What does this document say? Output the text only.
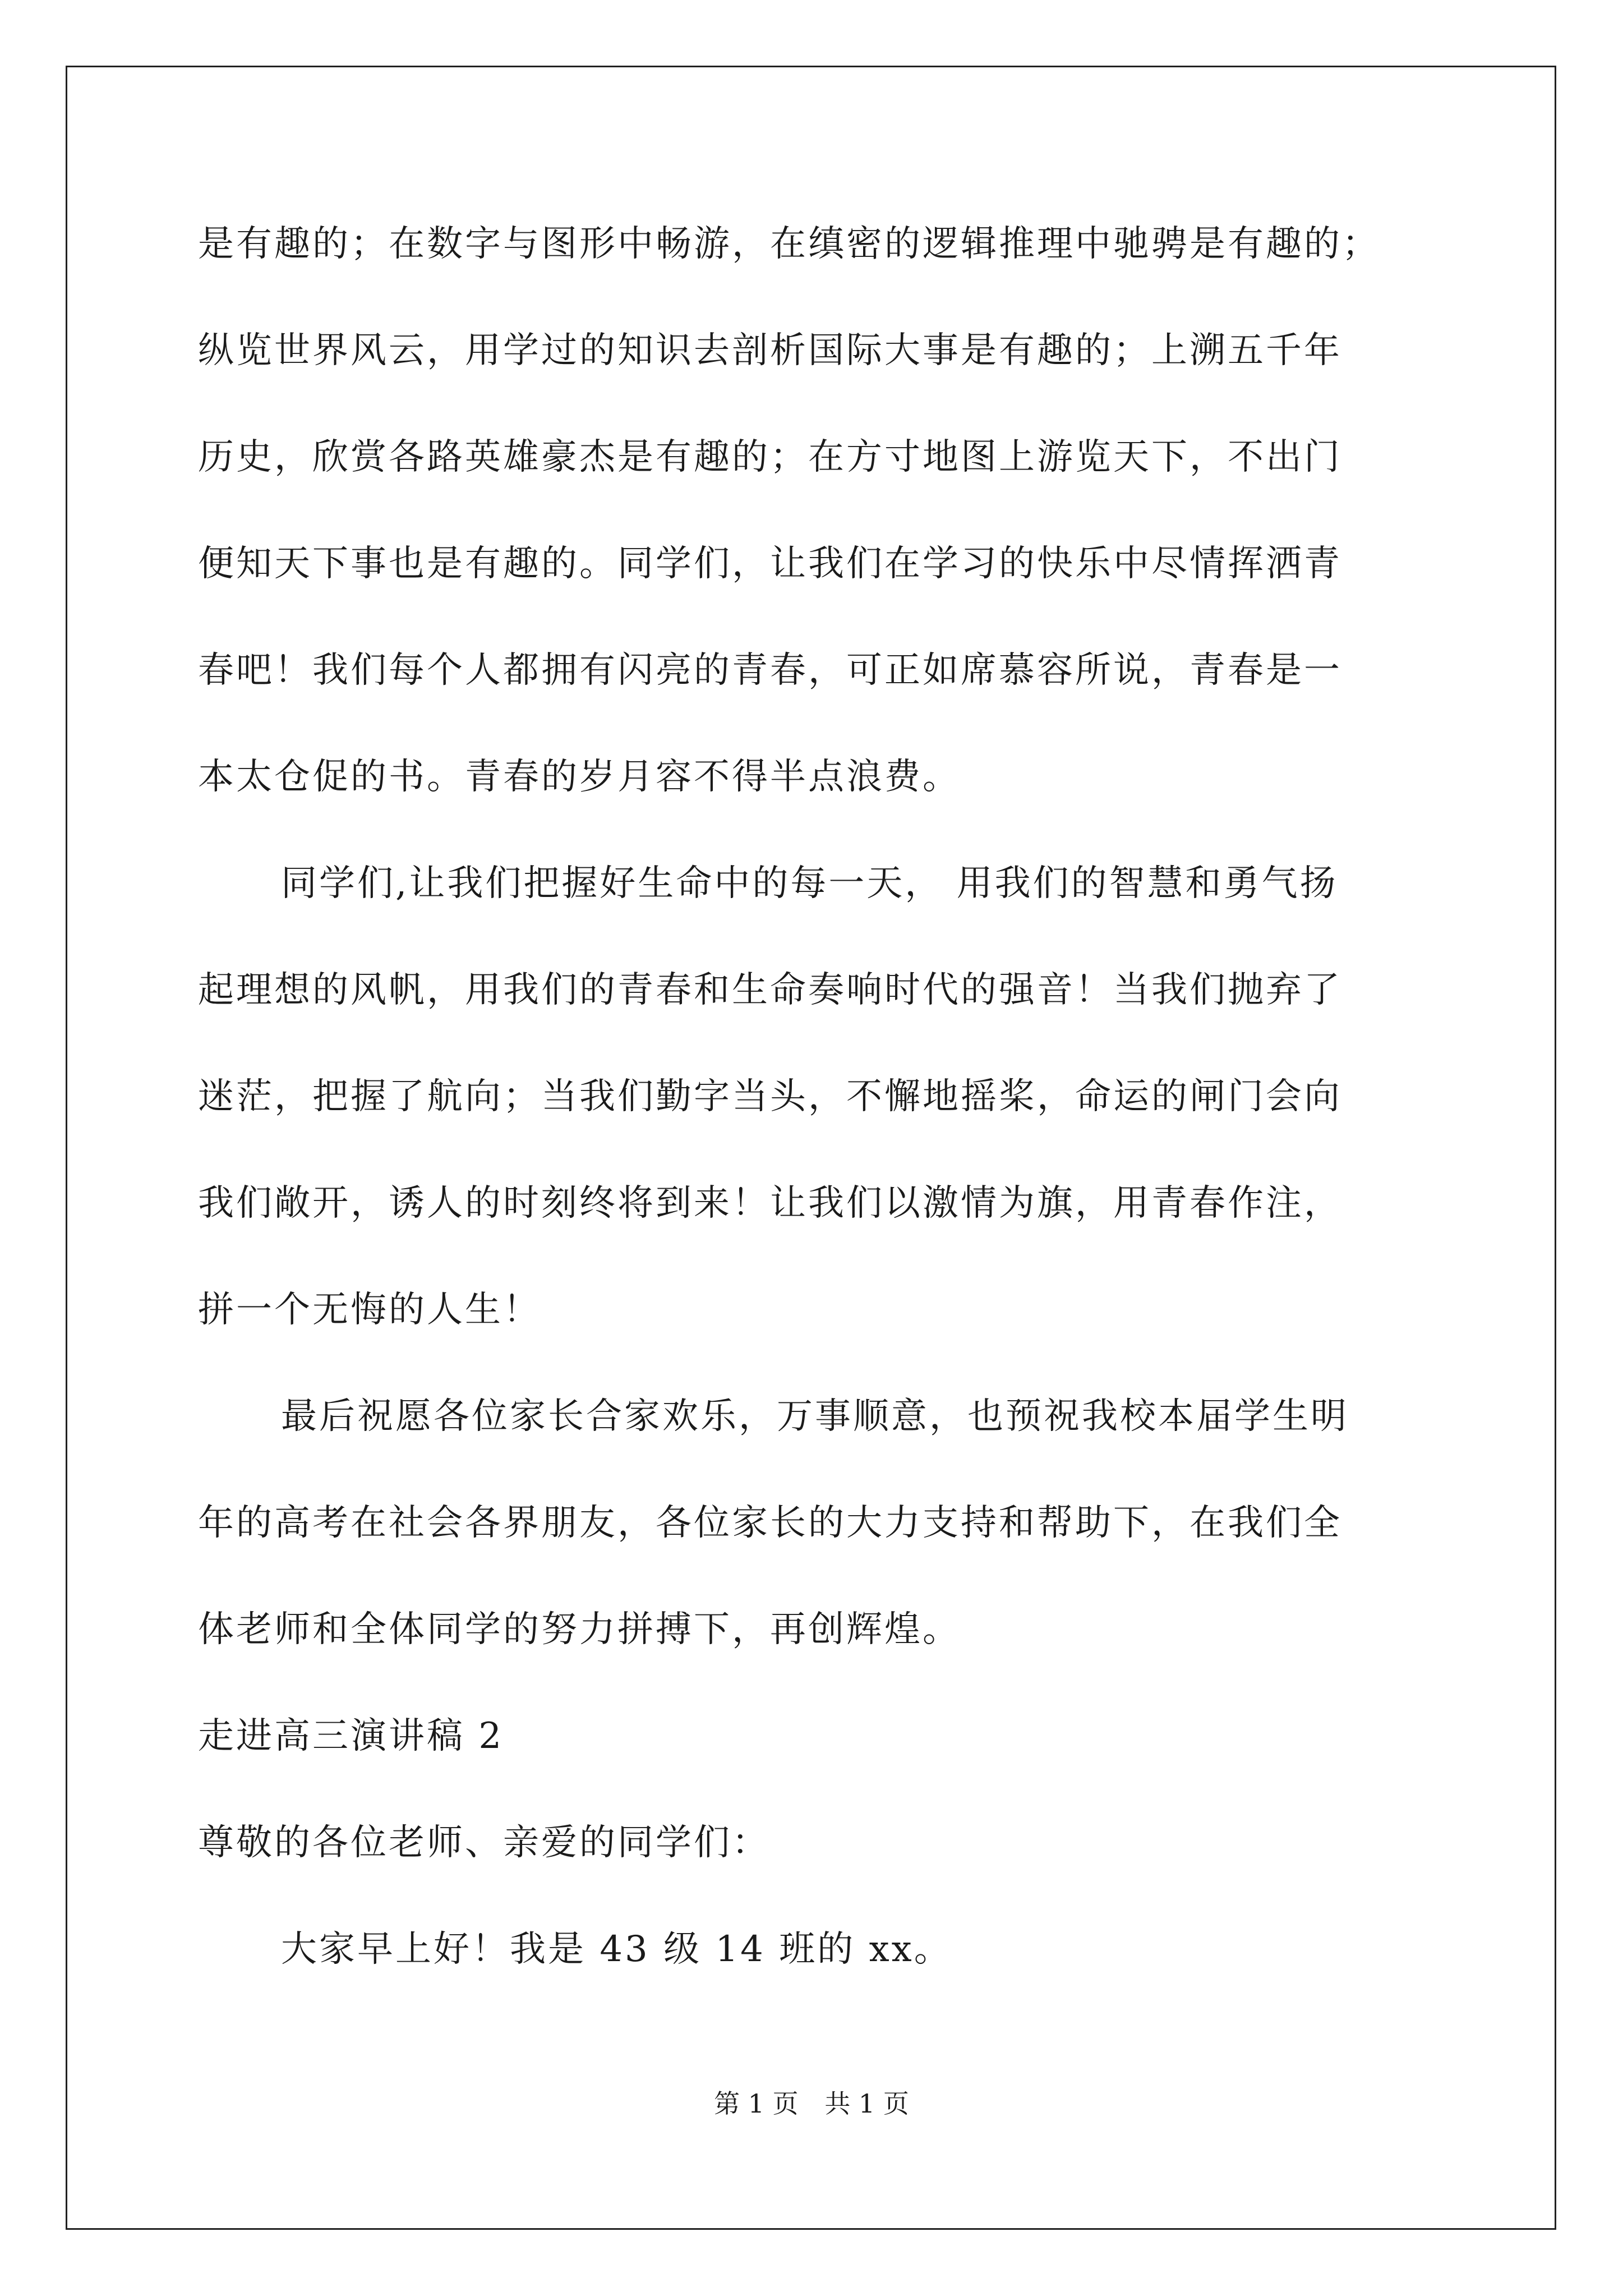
是有趣的；在数字与图形中畅游，在缜密的逻辑推理中驰骋是有趣的；
纵览世界风云，用学过的知识去剖析国际大事是有趣的；上溯五千年
历史，欣赏各路英雄豪杰是有趣的；在方寸地图上游览天下，不出门
便知天下事也是有趣的。同学们，让我们在学习的快乐中尽情挥洒青
春吧！我们每个人都拥有闪亮的青春，可正如席慕容所说，青春是一
本太仓促的书。青春的岁月容不得半点浪费。
同学们,让我们把握好生命中的每一天， 用我们的智慧和勇气扬
起理想的风帆，用我们的青春和生命奏响时代的强音！当我们抛弃了
迷茫，把握了航向；当我们勤字当头，不懈地摇桨，命运的闸门会向
我们敞开，诱人的时刻终将到来！让我们以激情为旗，用青春作注，
拼一个无悔的人生！
最后祝愿各位家长合家欢乐，万事顺意，也预祝我校本届学生明
年的高考在社会各界朋友，各位家长的大力支持和帮助下，在我们全
体老师和全体同学的努力拼搏下，再创辉煌。
走进高三演讲稿 2
尊敬的各位老师、亲爱的同学们：
大家早上好！我是 43 级 14 班的 xx。
第 1 页 共 1 页
